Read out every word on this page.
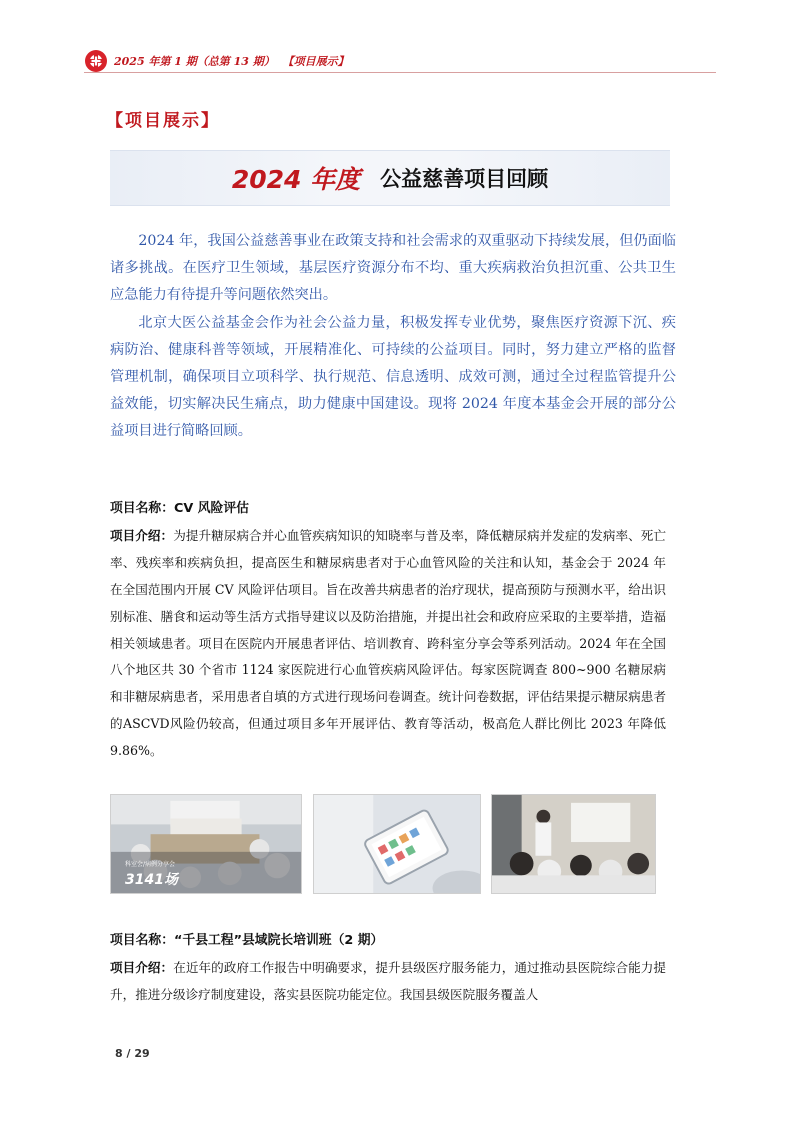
2025 年第 1 期（总第 13 期） 【项目展示】
【项目展示】
2024 年度 公益慈善项目回顾

2024 年，我国公益慈善事业在政策支持和社会需求的双重驱动下持续发展，但仍面临诸多挑战。在医疗卫生领域，基层医疗资源分布不均、重大疾病救治负担沉重、公共卫生应急能力有待提升等问题依然突出。

北京大医公益基金会作为社会公益力量，积极发挥专业优势，聚焦医疗资源下沉、疾病防治、健康科普等领域，开展精准化、可持续的公益项目。同时，努力建立严格的监督管理机制，确保项目立项科学、执行规范、信息透明、成效可测，通过全过程监管提升公益效能，切实解决民生痛点，助力健康中国建设。现将 2024 年度本基金会开展的部分公益项目进行简略回顾。

项目名称：CV 风险评估
项目介绍：为提升糖尿病合并心血管疾病知识的知晓率与普及率，降低糖尿病并发症的发病率、死亡率、残疾率和疾病负担，提高医生和糖尿病患者对于心血管风险的关注和认知，基金会于 2024 年在全国范围内开展 CV 风险评估项目。旨在改善共病患者的治疗现状，提高预防与预测水平，给出识别标准、膳食和运动等生活方式指导建议以及防治措施，并提出社会和政府应采取的主要举措，造福相关领域患者。项目在医院内开展患者评估、培训教育、跨科室分享会等系列活动。2024 年在全国八个地区共 30 个省市 1124 家医院进行心血管疾病风险评估。每家医院调查 800~900 名糖尿病和非糖尿病患者，采用患者自填的方式进行现场问卷调查。统计问卷数据，评估结果提示糖尿病患者的ASCVD风险仍较高，但通过项目多年开展评估、教育等活动，极高危人群比例比 2023 年降低 9.86%。
科室会/病例分享会
3141场
项目名称：“千县工程”县域院长培训班（2 期）
项目介绍：在近年的政府工作报告中明确要求，提升县级医疗服务能力，通过推动县医院综合能力提升，推进分级诊疗制度建设，落实县医院功能定位。我国县级医院服务覆盖人
8 / 29
